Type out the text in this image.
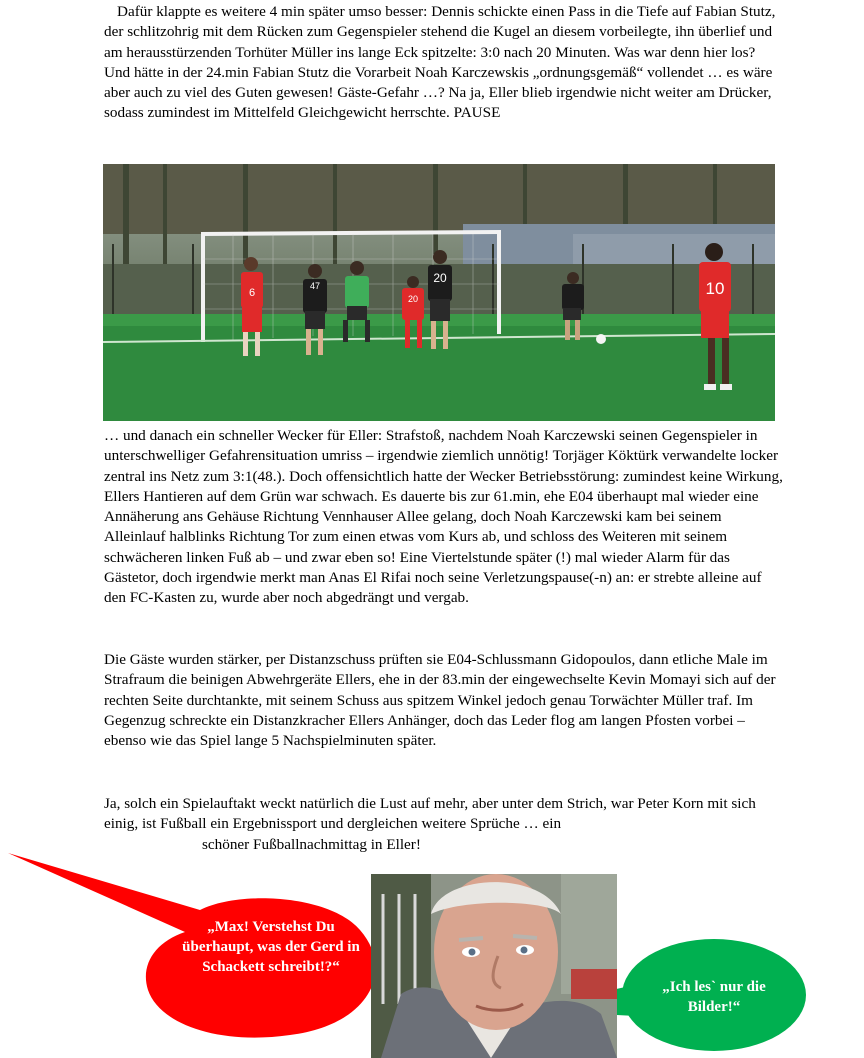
Dafür klappte es weitere 4 min später umso besser: Dennis schickte einen Pass in die Tiefe auf Fabian Stutz, der schlitzohrig mit dem Rücken zum Gegenspieler stehend die Kugel an diesem vorbeilegte, ihn überlief und am herausstürzenden Torhüter Müller ins lange Eck spitzelte: 3:0 nach 20 Minuten. Was war denn hier los? Und hätte in der 24.min Fabian Stutz die Vorarbeit Noah Karczewskis „ordnungsgemäß“ vollendet … es wäre aber auch zu viel des Guten gewesen! Gäste-Gefahr …? Na ja, Eller blieb irgendwie nicht weiter am Drücker, sodass zumindest im Mittelfeld Gleichgewicht herrschte. PAUSE

6
47
20
10
20

… und danach ein schneller Wecker für Eller: Strafstoß, nachdem Noah Karczewski seinen Gegenspieler in unterschwelliger Gefahrensituation umriss – irgendwie ziemlich unnötig! Torjäger Köktürk verwandelte locker zentral ins Netz zum 3:1(48.). Doch offensichtlich hatte der Wecker Betriebsstörung: zumindest keine Wirkung, Ellers Hantieren auf dem Grün war schwach. Es dauerte bis zur 61.min, ehe E04 überhaupt mal wieder eine Annäherung ans Gehäuse Richtung Vennhauser Allee gelang, doch Noah Karczewski kam bei seinem Alleinlauf halblinks Richtung Tor zum einen etwas vom Kurs ab, und schloss des Weiteren mit seinem schwächeren linken Fuß ab – und zwar eben so! Eine Viertelstunde später (!) mal wieder Alarm für das Gästetor, doch irgendwie merkt man Anas El Rifai noch seine Verletzungspause(-n) an: er strebte alleine auf den FC-Kasten zu, wurde aber noch abgedrängt und vergab.

Die Gäste wurden stärker, per Distanzschuss prüften sie E04-Schlussmann Gidopoulos, dann etliche Male im Strafraum die beinigen Abwehrgeräte Ellers, ehe in der 83.min der eingewechselte Kevin Momayi sich auf der rechten Seite durchtankte, mit seinem Schuss aus spitzem Winkel jedoch genau Torwächter Müller traf. Im Gegenzug schreckte ein Distanzkracher Ellers Anhänger, doch das Leder flog am langen Pfosten vorbei – ebenso wie das Spiel lange 5 Nachspielminuten später.

Ja, solch ein Spielauftakt weckt natürlich die Lust auf mehr, aber unter dem Strich, war Peter Korn mit sich einig, ist Fußball ein Ergebnissport und dergleichen weitere Sprüche … ein

schöner Fußballnachmittag in Eller!

„Max! Verstehst Du überhaupt, was der Gerd in Schackett schreibt!?“
„Ich les` nur die Bilder!“
